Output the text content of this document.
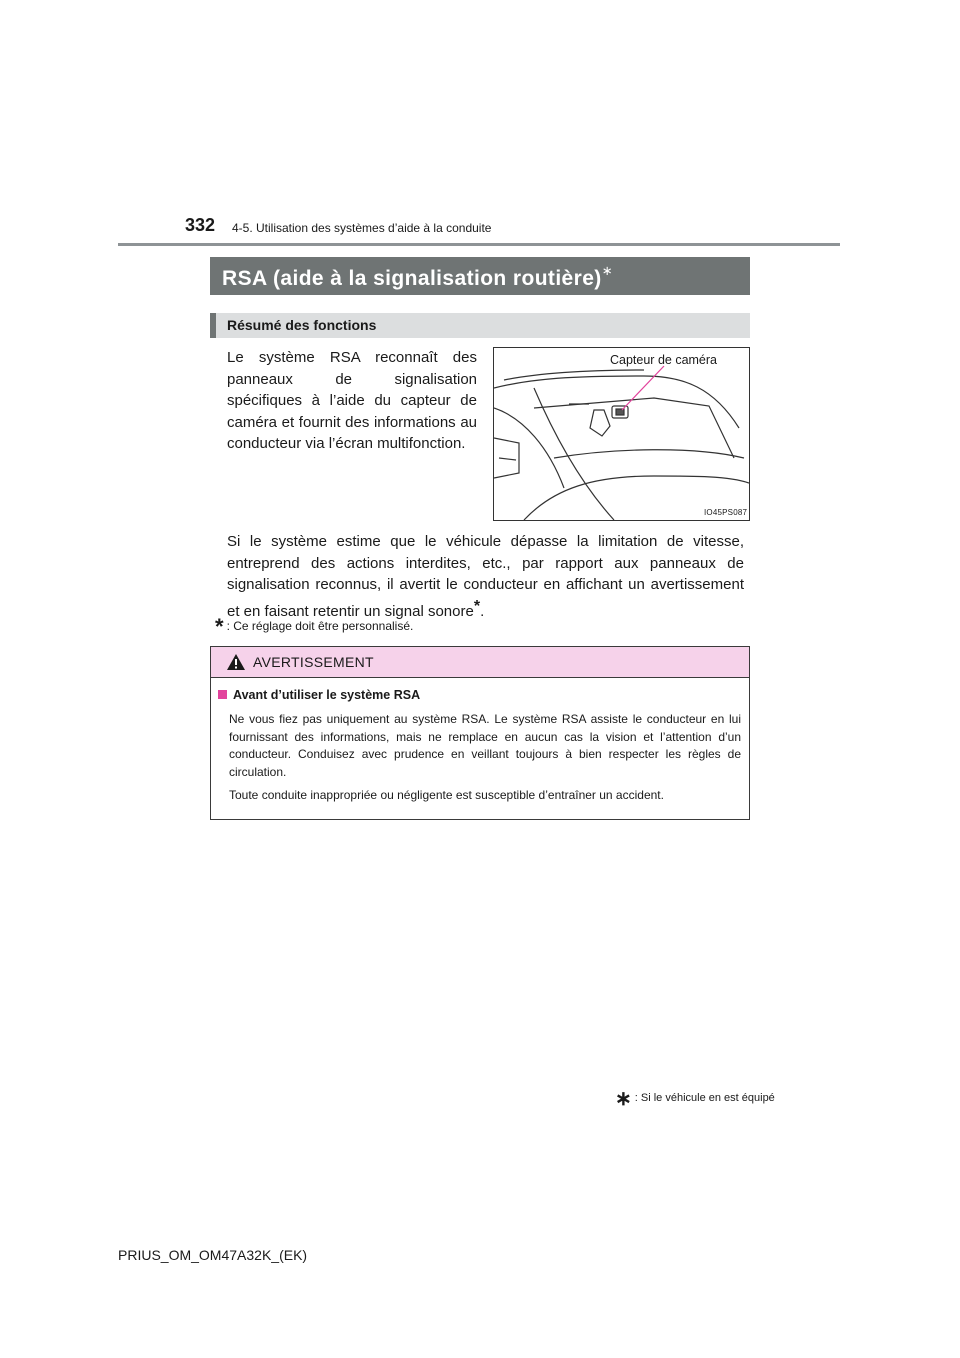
332 4-5. Utilisation des systèmes d’aide à la conduite
RSA (aide à la signalisation routière)∗
Résumé des fonctions
Le système RSA reconnaît des panneaux de signalisation spécifiques à l’aide du capteur de caméra et fournit des informations au conducteur via l’écran multifonction.
Capteur de caméra
IO45PS087
Si le système estime que le véhicule dépasse la limitation de vitesse, entreprend des actions interdites, etc., par rapport aux panneaux de signalisation reconnus, il avertit le conducteur en affichant un avertissement et en faisant retentir un signal sonore*.
* : Ce réglage doit être personnalisé.
AVERTISSEMENT
Avant d’utiliser le système RSA
Ne vous fiez pas uniquement au système RSA. Le système RSA assiste le conducteur en lui fournissant des informations, mais ne remplace en aucun cas la vision et l’attention d’un conducteur. Conduisez avec prudence en veillant toujours à bien respecter les règles de circulation.
Toute conduite inappropriée ou négligente est susceptible d’entraîner un accident.
∗ : Si le véhicule en est équipé
PRIUS_OM_OM47A32K_(EK)
